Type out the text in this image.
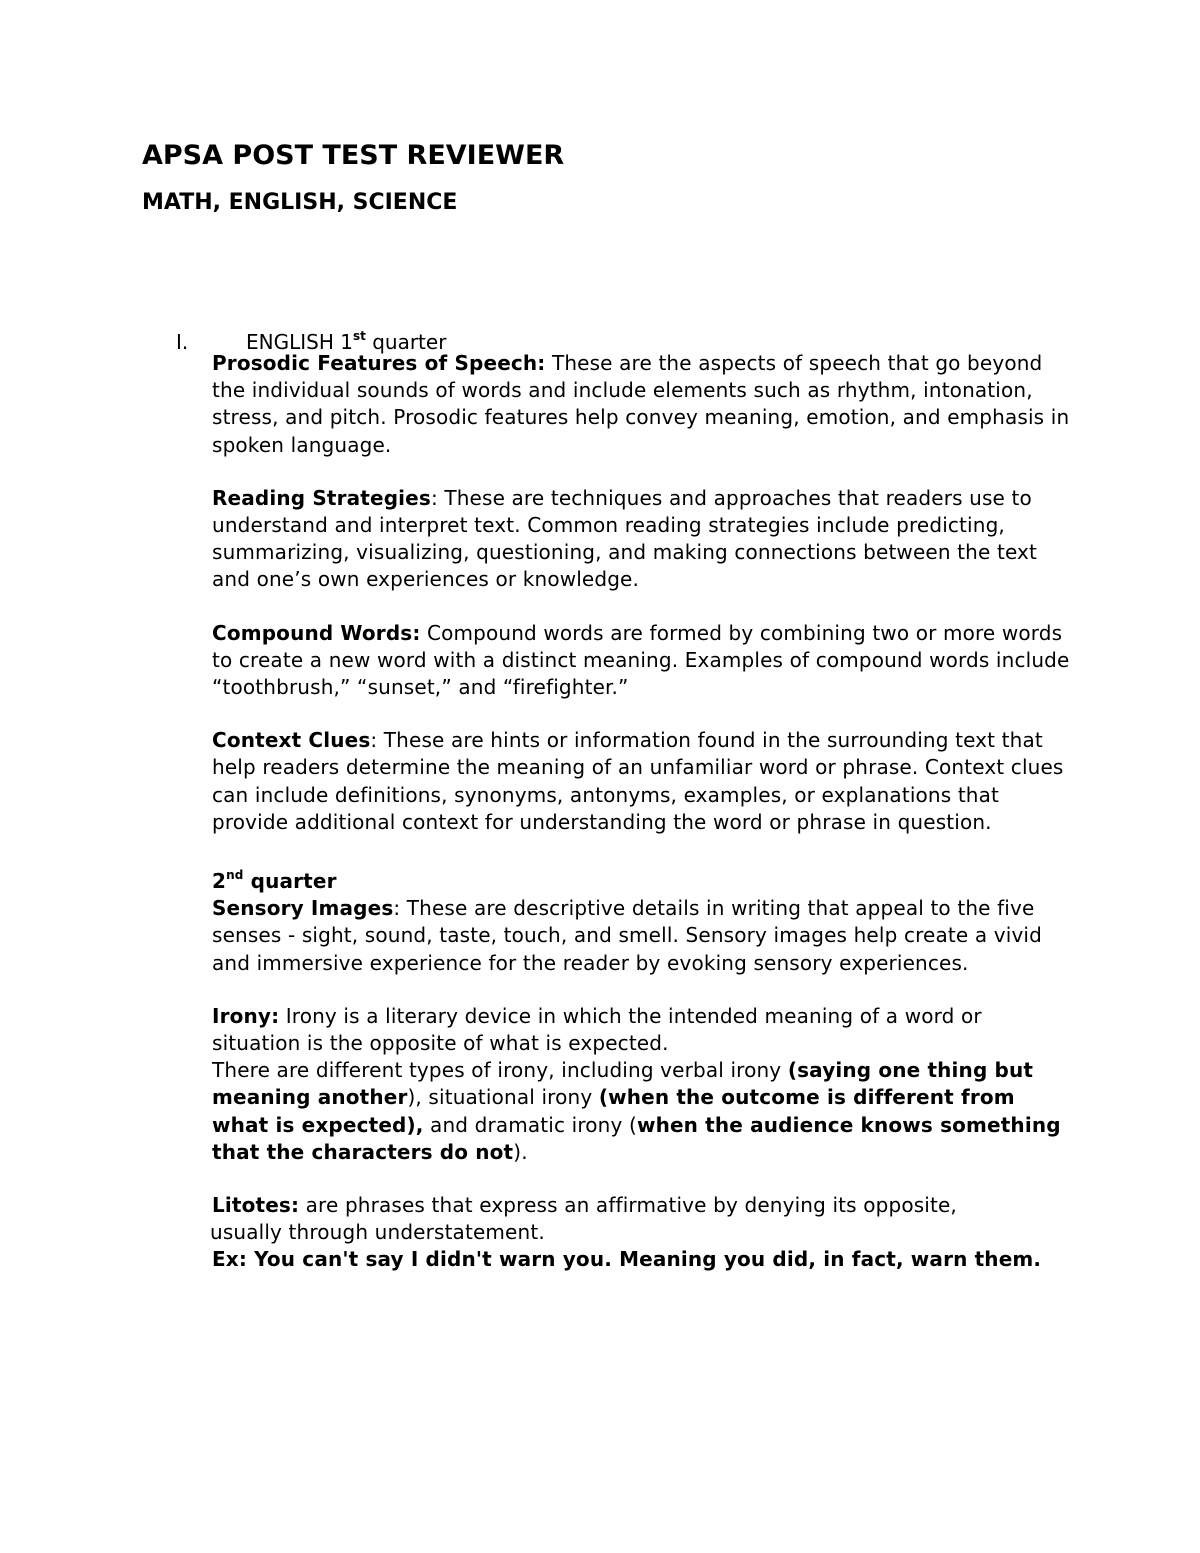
APSA POST TEST REVIEWER
MATH, ENGLISH, SCIENCE
I.	ENGLISH 1st quarter

Prosodic Features of Speech: These are the aspects of speech that go beyond the individual sounds of words and include elements such as rhythm, intonation, stress, and pitch. Prosodic features help convey meaning, emotion, and emphasis in spoken language.

Reading Strategies: These are techniques and approaches that readers use to understand and interpret text. Common reading strategies include predicting, summarizing, visualizing, questioning, and making connections between the text and one’s own experiences or knowledge.

Compound Words: Compound words are formed by combining two or more words to create a new word with a distinct meaning. Examples of compound words include “toothbrush,” “sunset,” and “firefighter.”

Context Clues: These are hints or information found in the surrounding text that help readers determine the meaning of an unfamiliar word or phrase. Context clues can include definitions, synonyms, antonyms, examples, or explanations that provide additional context for understanding the word or phrase in question.

2nd quarter

Sensory Images: These are descriptive details in writing that appeal to the five senses - sight, sound, taste, touch, and smell. Sensory images help create a vivid and immersive experience for the reader by evoking sensory experiences.

Irony: Irony is a literary device in which the intended meaning of a word or situation is the opposite of what is expected.

There are different types of irony, including verbal irony (saying one thing but meaning another), situational irony (when the outcome is different from what is expected), and dramatic irony (when the audience knows something that the characters do not).

Litotes: are phrases that express an affirmative by denying its opposite,
usually through understatement.

Ex: You can't say I didn't warn you. Meaning you did, in fact, warn them.
